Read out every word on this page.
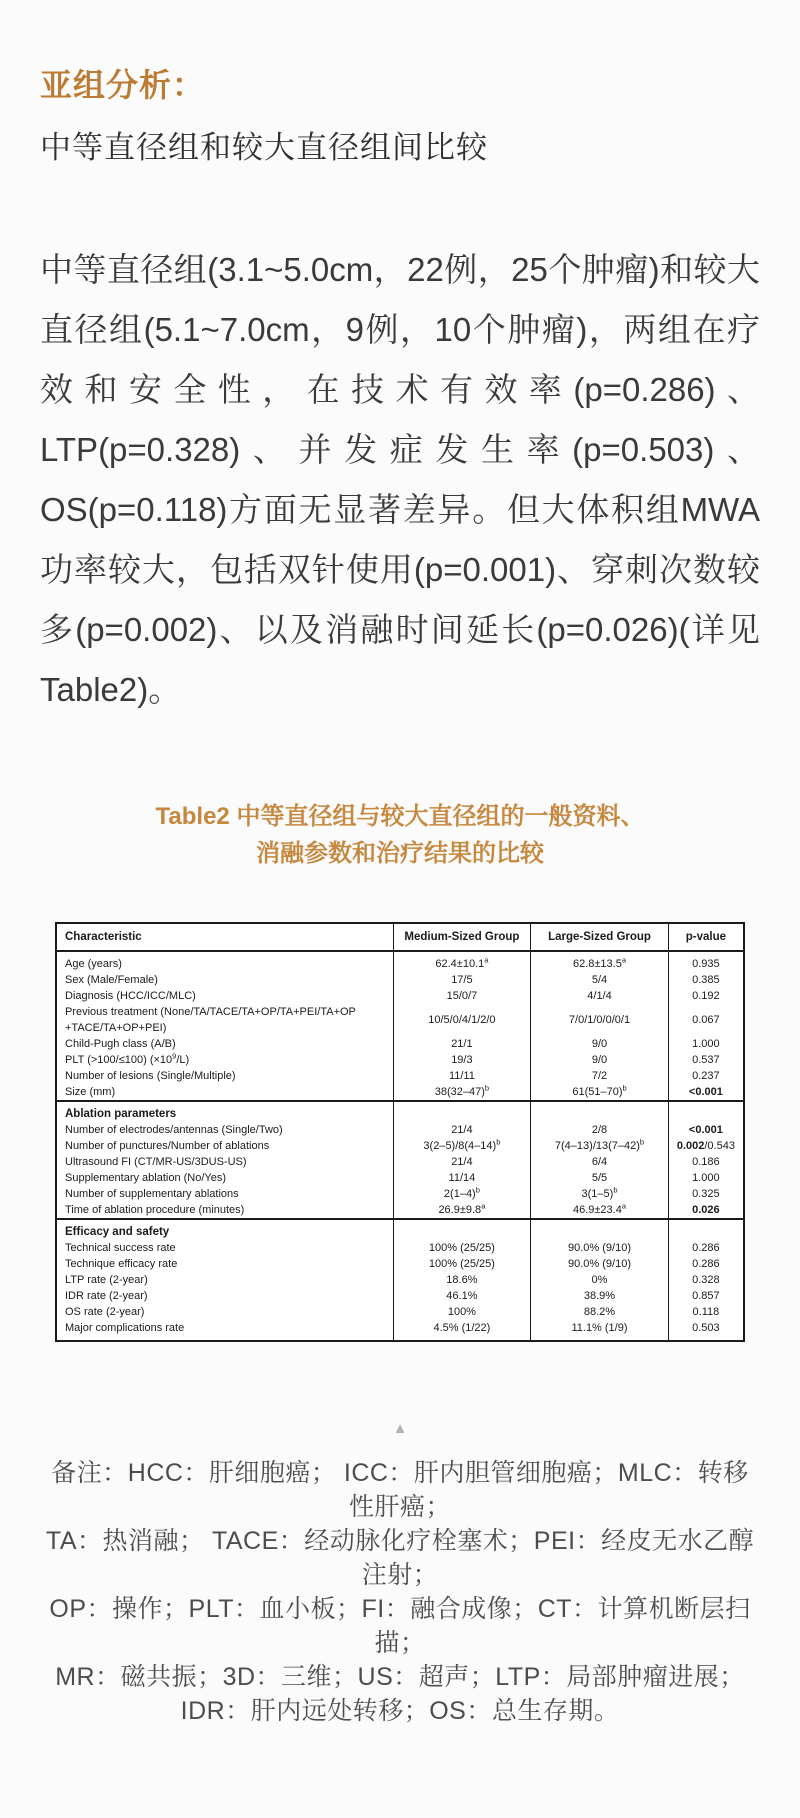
亚组分析：
中等直径组和较大直径组间比较

中等直径组(3.1~5.0cm，22例，25个肿瘤)和较大直径组(5.1~7.0cm，9例，10个肿瘤)，两组在疗效和安全性，在技术有效率(p=0.286)、LTP(p=0.328)、并发症发生率(p=0.503)、OS(p=0.118)方面无显著差异。但大体积组MWA功率较大，包括双针使用(p=0.001)、穿刺次数较多(p=0.002)、以及消融时间延长(p=0.026)(详见Table2)。

Table2 中等直径组与较大直径组的一般资料、
消融参数和治疗结果的比较
Characteristic	Medium-Sized Group	Large-Sized Group	p-value
Age (years)	62.4±10.1$^a$	62.8±13.5$^a$	0.935
Sex (Male/Female)	17/5	5/4	0.385
Diagnosis (HCC/ICC/MLC)	15/0/7	4/1/4	0.192
Previous treatment (None/TA/TACE/TA+OP/TA+PEI/TA+OP +TACE/TA+OP+PEI)	10/5/0/4/1/2/0	7/0/1/0/0/0/1	0.067
Child-Pugh class (A/B)	21/1	9/0	1.000
PLT (>100/≤100) $(\times 10^9/L)$	19/3	9/0	0.537
Number of lesions (Single/Multiple)	11/11	7/2	0.237
Size (mm)	$38(32-47)^b$	$61(51-70)^b$	<0.001
Ablation parameters			
Number of electrodes/antennas (Single/Two)	21/4	2/8	<0.001
Number of punctures/Number of ablations	$3(2-5)/8(4-14)^b$	$7(4-13)/13(7-42)^b$	0.002/0.543
Ultrasound FI (CT/MR-US/3DUS-US)	21/4	6/4	0.186
Supplementary ablation (No/Yes)	11/14	5/5	1.000
Number of supplementary ablations	$2(1-4)^b$	$3(1-5)^b$	0.325
Time of ablation procedure (minutes)	26.9±9.8$^a$	46.9±23.4$^a$	0.026
Efficacy and safety			
Technical success rate	100% (25/25)	90.0% (9/10)	0.286
Technique efficacy rate	100% (25/25)	90.0% (9/10)	0.286
LTP rate (2-year)	18.6%	0%	0.328
IDR rate (2-year)	46.1%	38.9%	0.857
OS rate (2-year)	100%	88.2%	0.118
Major complications rate	4.5% (1/22)	11.1% (1/9)	0.503
▲
备注：HCC：肝细胞癌； ICC：肝内胆管细胞癌；MLC：转移性肝癌；
TA：热消融； TACE：经动脉化疗栓塞术；PEI：经皮无水乙醇注射；
OP：操作；PLT：血小板；FI：融合成像；CT：计算机断层扫描；
MR：磁共振；3D：三维；US：超声；LTP：局部肿瘤进展；
IDR：肝内远处转移；OS：总生存期。
